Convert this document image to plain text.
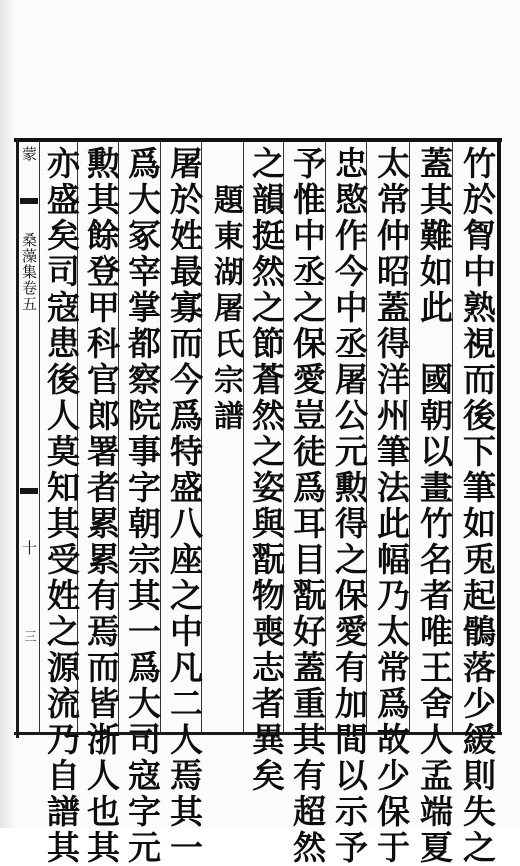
蒙
桑藻集卷五
十
三	竹於胷中熟視而後下筆如兎起鶻落少緩則失之
蓋其難如此　國朝以畫竹名者唯王舍人孟端夏
太常仲昭蓋得洋州筆法此幅乃太常爲故少保于
忠愍作今中丞屠公元勲得之保愛有加間以示予
予惟中丞之保愛豈徒爲耳目翫好蓋重其有超然
之韻挺然之節蒼然之姿與翫物喪志者異矣
題東湖屠氏宗譜
屠於姓最寡而今爲特盛八座之中凡二人焉其一
爲大冢宰掌都察院事字朝宗其一爲大司寇字元
勲其餘登甲科官郎署者累累有焉而皆浙人也其
亦盛矣司寇患後人莫知其受姓之源流乃自譜其
